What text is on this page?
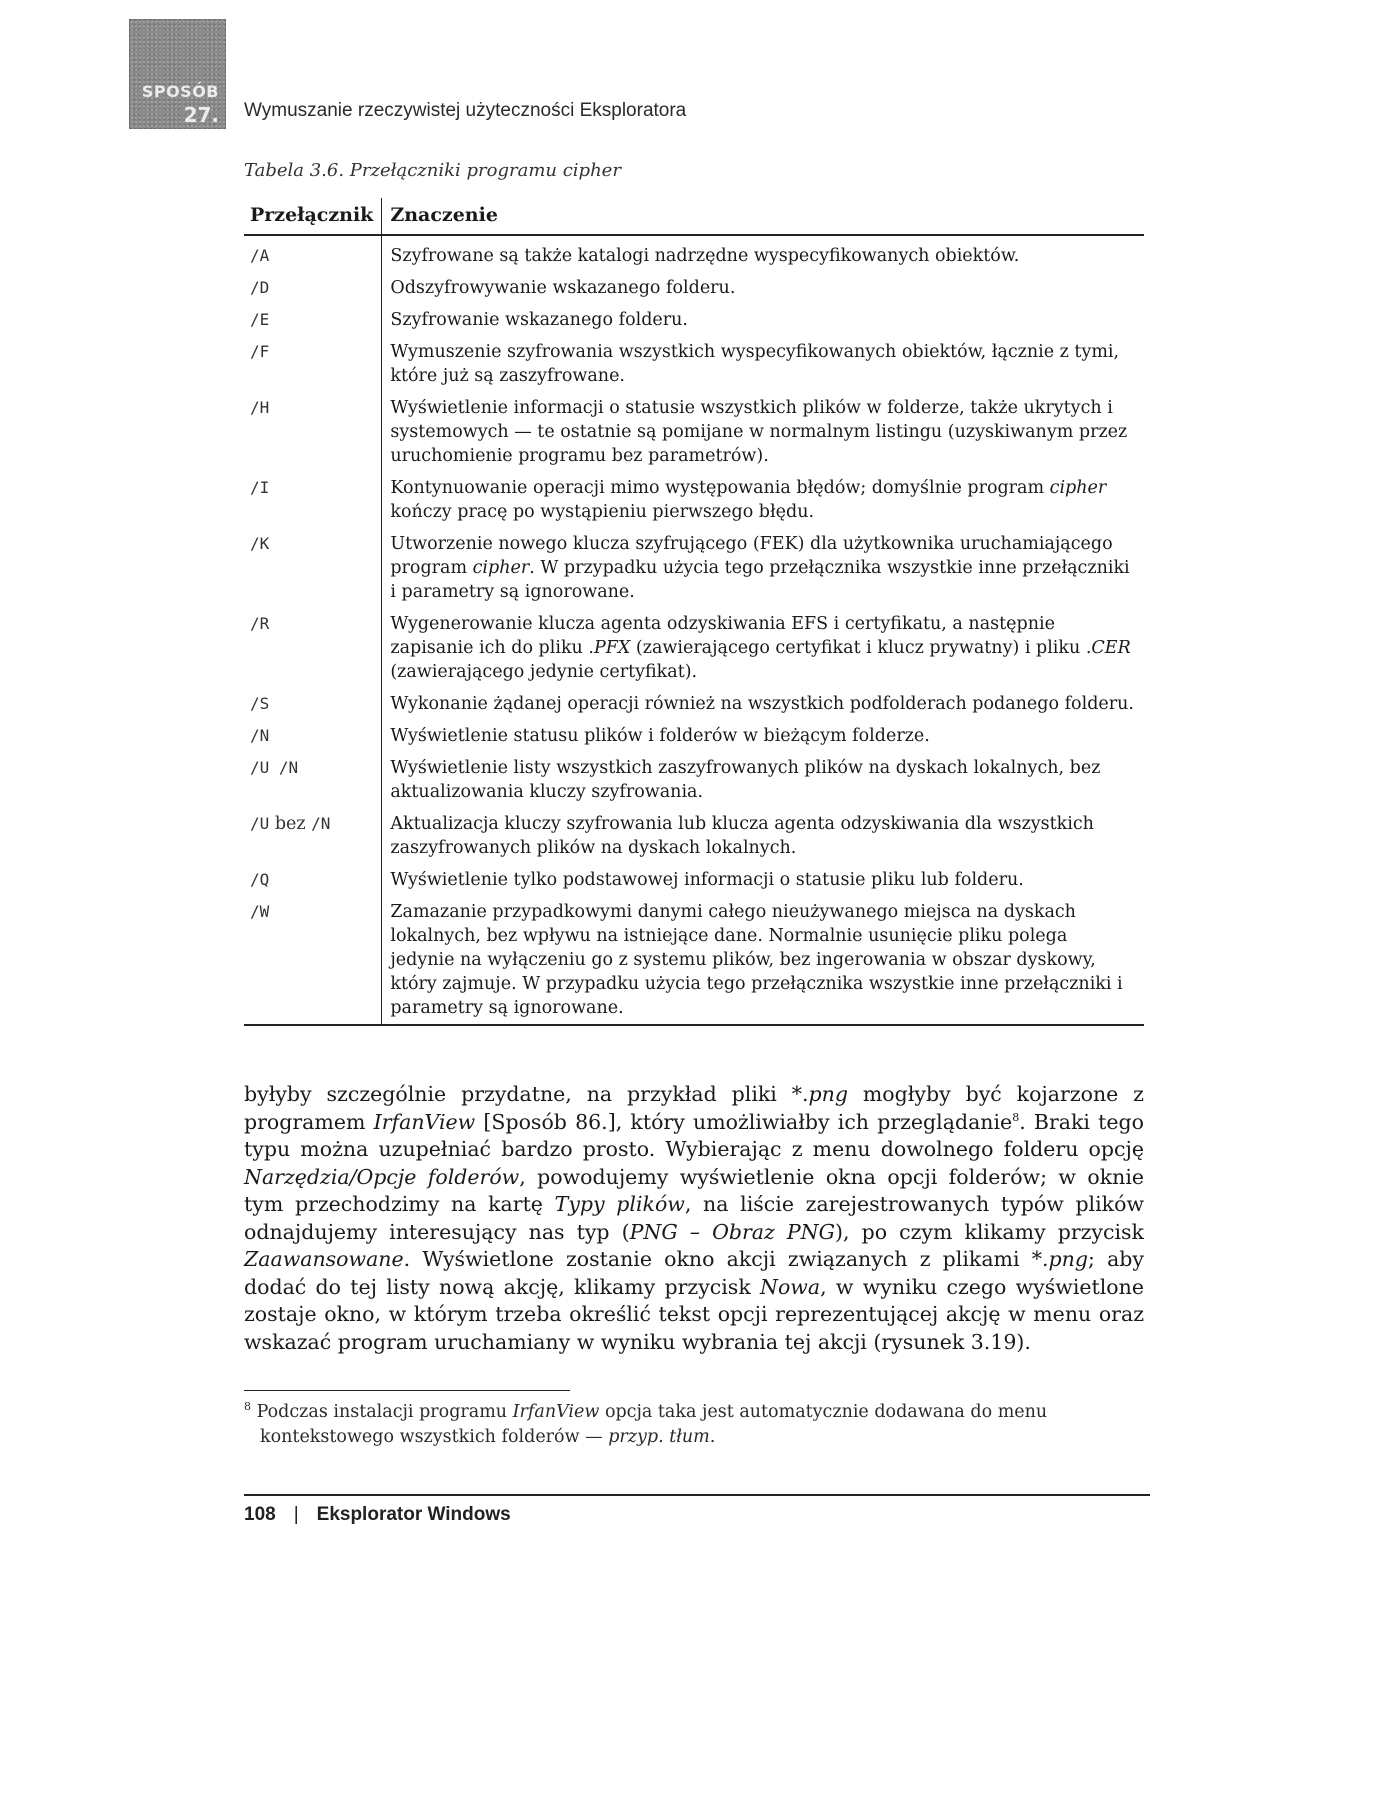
SPOSÓB
27. Wymuszanie rzeczywistej użyteczności Eksploratora
Tabela 3.6. Przełączniki programu cipher
Przełącznik	Znaczenie
/A	Szyfrowane są także katalogi nadrzędne wyspecyfikowanych obiektów.
/D	Odszyfrowywanie wskazanego folderu.
/E	Szyfrowanie wskazanego folderu.
/F	Wymuszenie szyfrowania wszystkich wyspecyfikowanych obiektów, łącznie z tymi, które już są zaszyfrowane.
/H	Wyświetlenie informacji o statusie wszystkich plików w folderze, także ukrytych i systemowych — te ostatnie są pomijane w normalnym listingu (uzyskiwanym przez uruchomienie programu bez parametrów).
/I	Kontynuowanie operacji mimo występowania błędów; domyślnie program cipher kończy pracę po wystąpieniu pierwszego błędu.
/K	Utworzenie nowego klucza szyfrującego (FEK) dla użytkownika uruchamiającego program cipher. W przypadku użycia tego przełącznika wszystkie inne przełączniki i parametry są ignorowane.
/R	Wygenerowanie klucza agenta odzyskiwania EFS i certyfikatu, a następnie zapisanie ich do pliku .PFX (zawierającego certyfikat i klucz prywatny) i pliku .CER (zawierającego jedynie certyfikat).
/S	Wykonanie żądanej operacji również na wszystkich podfolderach podanego folderu.
/N	Wyświetlenie statusu plików i folderów w bieżącym folderze.
/U /N	Wyświetlenie listy wszystkich zaszyfrowanych plików na dyskach lokalnych, bez aktualizowania kluczy szyfrowania.
/U bez /N	Aktualizacja kluczy szyfrowania lub klucza agenta odzyskiwania dla wszystkich zaszyfrowanych plików na dyskach lokalnych.
/Q	Wyświetlenie tylko podstawowej informacji o statusie pliku lub folderu.
/W	Zamazanie przypadkowymi danymi całego nieużywanego miejsca na dyskach lokalnych, bez wpływu na istniejące dane. Normalnie usunięcie pliku polega jedynie na wyłączeniu go z systemu plików, bez ingerowania w obszar dyskowy, który zajmuje. W przypadku użycia tego przełącznika wszystkie inne przełączniki i parametry są ignorowane.
byłyby szczególnie przydatne, na przykład pliki *.png mogłyby być kojarzone z programem IrfanView [Sposób 86.], który umożliwiałby ich przeglądanie$^8$. Braki tego typu można uzupełniać bardzo prosto. Wybierając z menu dowolnego folderu opcję Narzędzia/Opcje folderów, powodujemy wyświetlenie okna opcji folderów; w oknie tym przechodzimy na kartę Typy plików, na liście zarejestrowanych typów plików odnajdujemy interesujący nas typ (PNG – Obraz PNG), po czym klikamy przycisk Zaawansowane. Wyświetlone zostanie okno akcji związanych z plikami *.png; aby dodać do tej listy nową akcję, klikamy przycisk Nowa, w wyniku czego wyświetlone zostaje okno, w którym trzeba określić tekst opcji reprezentującej akcję w menu oraz wskazać program uruchamiany w wyniku wybrania tej akcji (rysunek 3.19).
$^8$ Podczas instalacji programu IrfanView opcja taka jest automatycznie dodawana do menu kontekstowego wszystkich folderów — przyp. tłum.
108 | Eksplorator Windows
